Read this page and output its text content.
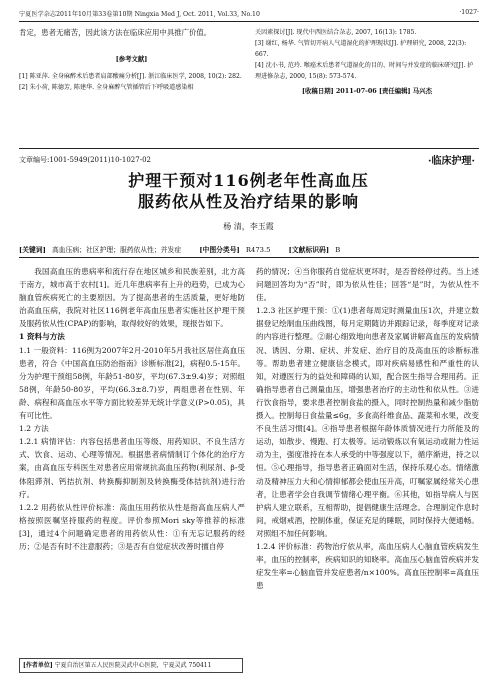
宁夏医学杂志2011年10月第33卷第10期 Ningxia Med J, Oct. 2011, Vol.33, No.10	·1027·

肯定，患者无痛苦，因此该方法在临床应用中具推广价值。

[参考文献]
[1] 陈亚萍. 全身麻醉术后患者肩部酸痛分析[J]. 浙江临床医学, 2008, 10(2): 282.
[2] 朱小荷, 陈德芳, 陈建华. 全身麻醉气管插管后下呼吸道感染相
关因素探讨[J]. 现代中西医结合杂志, 2007, 16(13): 1785.
[3] 谢红, 杨华. 气管切开病人气道湿化的护理现状[J]. 护理研究, 2008, 22(3): 667.
[4] 沈小书, 范玲. 喉癌术后患者气道湿化的目的、时间与并发症的临床研究[J]. 护理进修杂志, 2000, 15(8): 573-574.
[收稿日期] 2011-07-06 [责任编辑] 马兴杰
文章编号:1001-5949(2011)10-1027-02	·临床护理·
护理干预对116例老年性高血压
服药依从性及治疗结果的影响
杨 清，李玉霞
[关键词] 高血压病；社区护理；服药依从性；并发症	[中图分类号] R473.5	[文献标识码] B

我国高血压的患病率和流行存在地区城乡和民族差别，北方高于南方，城市高于农村[1]。近几年患病率有上升的趋势，已成为心脑血管疾病死亡的主要原因。为了提高患者的生活质量，更好地防治高血压病，我院对社区116例老年高血压患者实施社区护理干预及服药依从性(CPAP)的影响，取得较好的效果，现报告如下。

1 资料与方法

1.1 一般资料：116例为2007年2月-2010年5月我社区居住高血压患者，符合《中国高血压防治指南》诊断标准[2]，病程0.5-15年。分为护理干预组58例，年龄51-80岁，平均(67.3±9.4)岁；对照组58例，年龄50-80岁，平均(66.3±8.7)岁，两组患者在性别、年龄、病程和高血压水平等方面比较差异无统计学意义(P>0.05)，具有可比性。

1.2 方法

1.2.1 病情评估：内容包括患者血压等级、用药知识、不良生活方式、饮食、运动、心理等情况。根据患者病情制订个体化的治疗方案，由高血压专科医生对患者应用常规抗高血压药物(利尿剂、β-受体阻滞剂、钙拮抗剂、转换酶抑制剂及转换酶受体拮抗剂)进行治疗。

1.2.2 用药依从性评价标准：高血压用药依从性是指高血压病人严格按照医嘱坚持服药的程度。评价参照Mori sky等推荐的标准[3]，通过4个问题确定患者的用药依从性：①有无忘记服药的经历；②是否有时不注意服药；③是否有自觉症状改善时擅自停

[作者单位] 宁夏自治区第五人民医院灵武中心医院，宁夏灵武 750411

药的情况；④当你服药自觉症状更坏时，是否曾经停过药。当上述问题回答均为“否”时，即为依从性佳；回答“是”时，为依从性不佳。

1.2.3 社区护理干预：①(1)患者每周定时测量血压1次，并建立数据登记绘制血压曲线图，每月定期随访并跟踪记录，每季度对记录的内容进行整理。②耐心细致地向患者及家属讲解高血压的发病情况、诱因、分期、症状、并发症、治疗目的及高血压的诊断标准等。帮助患者建立健康信念模式，即对疾病易感性和严重性的认知，对遵医行为的益处和障碍的认知，配合医生指导合理用药。正确指导患者自己测量血压，增强患者治疗的主动性和依从性。③进行饮食指导，要求患者控制食盐的摄入，同时控制热量和减少脂肪摄入。控制每日食盐量≤6g，多食高纤维食品、蔬菜和水果，改变不良生活习惯[4]。④指导患者根据年龄体质情况进行力所能及的运动，如散步、慢跑、打太极等。运动锻炼以有氧运动或耐力性运动为主，强度准持在本人承受的中等强度以下，循序渐进，持之以恒。⑤心理指导，指导患者正确面对生活，保持乐观心态。情绪激动及精神压力大和心情抑郁都会使血压升高，叮嘱家属经常关心患者，让患者学会自我调节情绪心理平衡。⑥其他，如指导病人与医护病人建立联系，互相帮助，提倡健康生活理念。合理制定作息时间，戒烟戒酒，控制体重，保证充足的睡眠，同时保持大便通畅。对照组不加任何影响。

1.2.4 评价标准：药物治疗依从率，高血压病人心脑血管疾病发生率，血压的控制率，疾病知识的知晓率。高血压心脑血管疾病并发症发生率=心脑血管并发症患者/n×100%。高血压控制率=高血压患
